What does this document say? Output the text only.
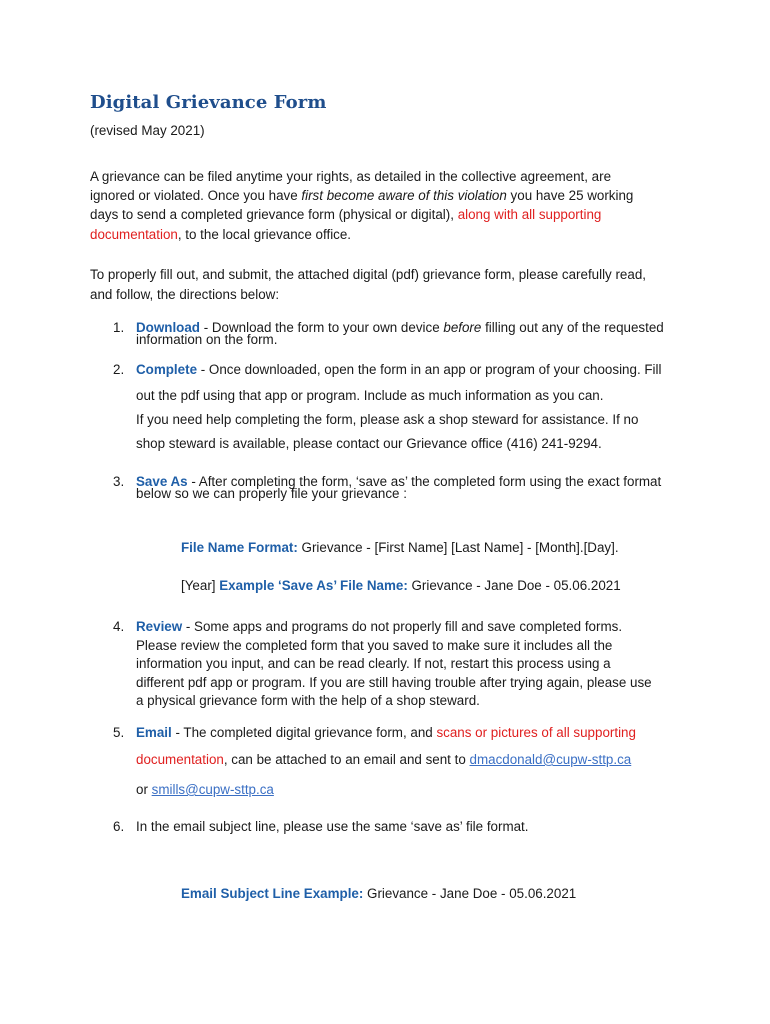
Digital Grievance Form
(revised May 2021)
A grievance can be filed anytime your rights, as detailed in the collective agreement, are
ignored or violated. Once you have first become aware of this violation you have 25 working
days to send a completed grievance form (physical or digital), along with all supporting
documentation, to the local grievance office.
To properly fill out, and submit, the attached digital (pdf) grievance form, please carefully read,
and follow, the directions below:
1. Download - Download the form to your own device before filling out any of the requested
information on the form.
2. Complete - Once downloaded, open the form in an app or program of your choosing. Fill
out the pdf using that app or program. Include as much information as you can.
If you need help completing the form, please ask a shop steward for assistance. If no
shop steward is available, please contact our Grievance office (416) 241-9294.
3. Save As - After completing the form, ‘save as’ the completed form using the exact format
below so we can properly file your grievance :
File Name Format: Grievance - [First Name] [Last Name] - [Month].[Day].
[Year] Example ‘Save As’ File Name: Grievance - Jane Doe - 05.06.2021
4. Review - Some apps and programs do not properly fill and save completed forms.
Please review the completed form that you saved to make sure it includes all the
information you input, and can be read clearly. If not, restart this process using a
different pdf app or program. If you are still having trouble after trying again, please use
a physical grievance form with the help of a shop steward.
5. Email - The completed digital grievance form, and scans or pictures of all supporting
documentation, can be attached to an email and sent to dmacdonald@cupw-sttp.ca
or smills@cupw-sttp.ca
6. In the email subject line, please use the same ‘save as’ file format.
Email Subject Line Example: Grievance - Jane Doe - 05.06.2021
